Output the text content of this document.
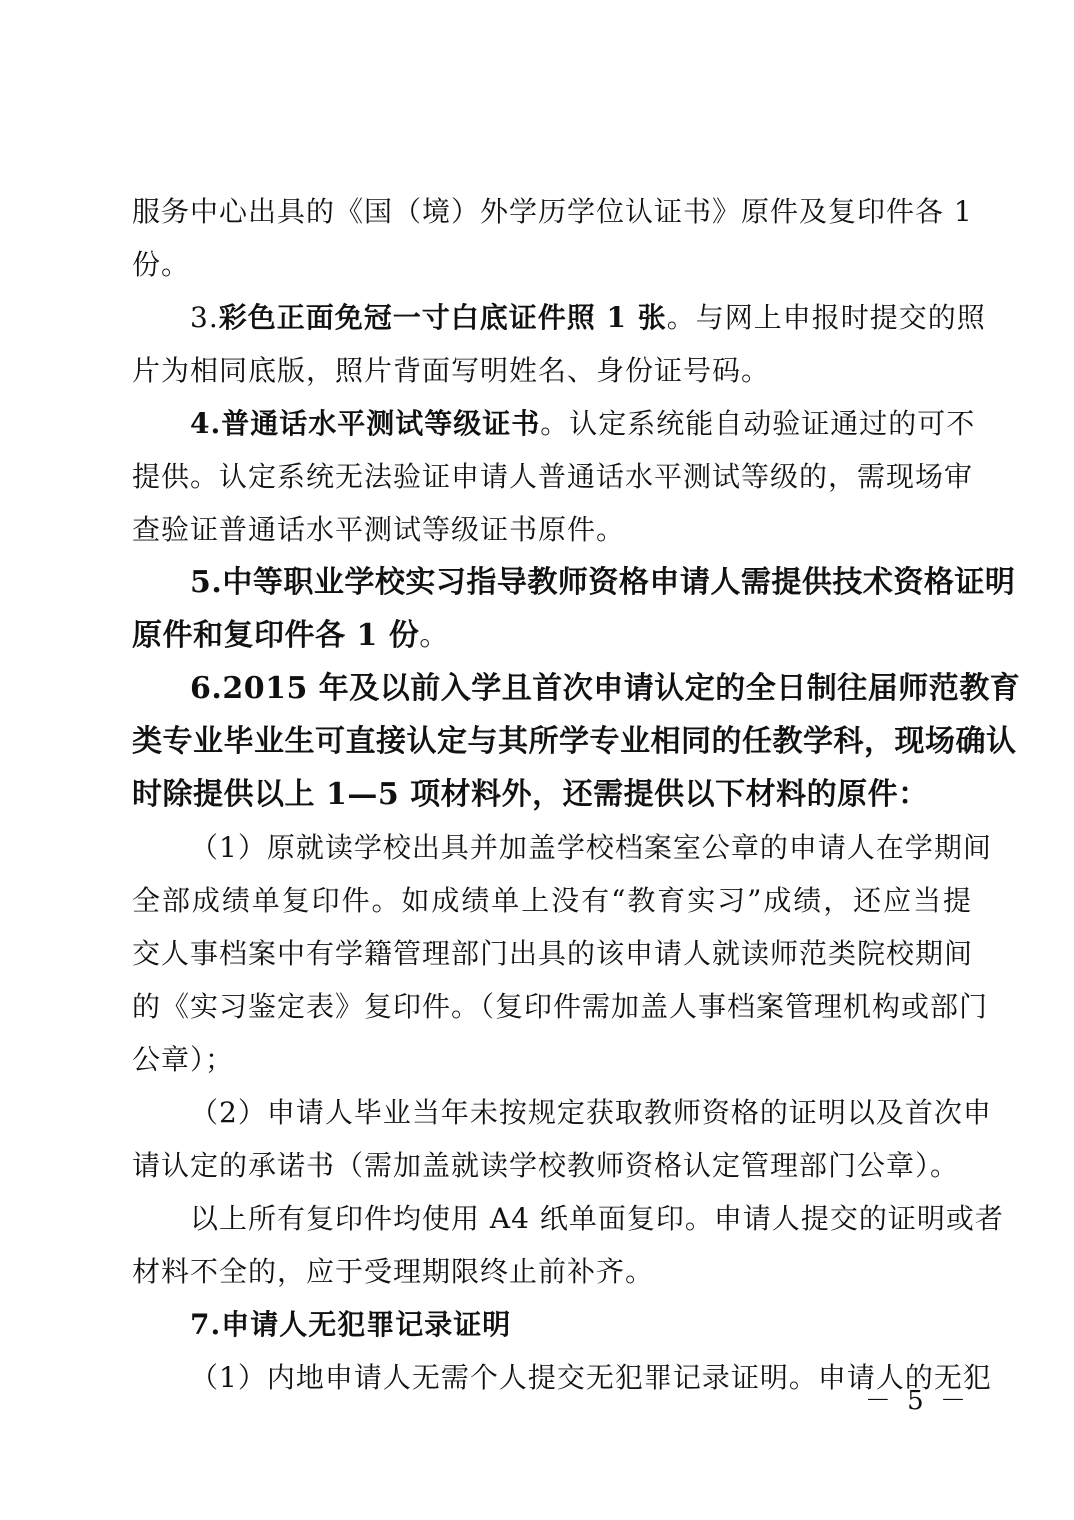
服务中心出具的《国（境）外学历学位认证书》原件及复印件各 1
份。
3.彩色正面免冠一寸白底证件照 1 张。与网上申报时提交的照
片为相同底版，照片背面写明姓名、身份证号码。
4.普通话水平测试等级证书。认定系统能自动验证通过的可不
提供。认定系统无法验证申请人普通话水平测试等级的，需现场审
查验证普通话水平测试等级证书原件。
5.中等职业学校实习指导教师资格申请人需提供技术资格证明
原件和复印件各 1 份。
6.2015 年及以前入学且首次申请认定的全日制往届师范教育
类专业毕业生可直接认定与其所学专业相同的任教学科，现场确认
时除提供以上 1—5 项材料外，还需提供以下材料的原件：
（1）原就读学校出具并加盖学校档案室公章的申请人在学期间
全部成绩单复印件。如成绩单上没有“教育实习”成绩，还应当提
交人事档案中有学籍管理部门出具的该申请人就读师范类院校期间
的《实习鉴定表》复印件。（复印件需加盖人事档案管理机构或部门
公章）；
（2）申请人毕业当年未按规定获取教师资格的证明以及首次申
请认定的承诺书（需加盖就读学校教师资格认定管理部门公章）。
以上所有复印件均使用 A4 纸单面复印。申请人提交的证明或者
材料不全的，应于受理期限终止前补齐。
7.申请人无犯罪记录证明
（1）内地申请人无需个人提交无犯罪记录证明。申请人的无犯
－ 5 －
